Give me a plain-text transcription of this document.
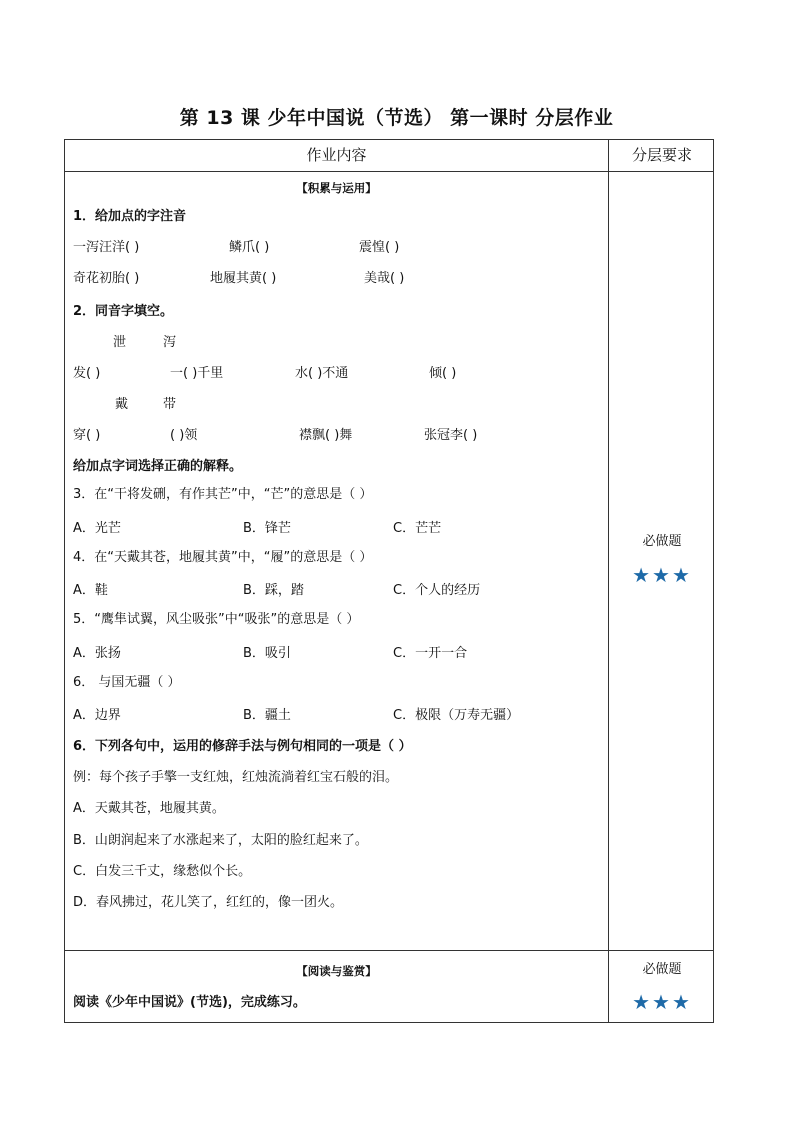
第 13 课 少年中国说（节选） 第一课时 分层作业
作业内容	分层要求
【积累与运用】
1．给加点的字注音
一泻汪洋( )	鳞爪( )	震惶( )
奇花初胎( )	地履其黄( )	美哉( )
2．同音字填空。
泄	泻
发( )	一( )千里	水( )不通	倾( )
戴	带
穿( )	( )领	襟飘( )舞	张冠李( )
给加点字词选择正确的解释。
3．在“干将发硎，有作其芒”中，“芒”的意思是（ ）
A．光芒	B．锋芒	C．芒芒
4．在“天戴其苍，地履其黄”中，“履”的意思是（ ）
A．鞋	B．踩，踏	C．个人的经历
5．“鹰隼试翼，风尘吸张”中“吸张”的意思是（ ）
A．张扬	B．吸引	C．一开一合
6． 与国无疆（ ）
A．边界	B．疆土	C．极限（万寿无疆）
6．下列各句中，运用的修辞手法与例句相同的一项是（ ）
例：每个孩子手擎一支红烛，红烛流淌着红宝石般的泪。
A．天戴其苍，地履其黄。
B．山朗润起来了水涨起来了，太阳的脸红起来了。
C．白发三千丈，缘愁似个长。
D．春风拂过，花儿笑了，红红的，像一团火。
必做题
★★★
【阅读与鉴赏】
阅读《少年中国说》(节选)，完成练习。
必做题
★★★
